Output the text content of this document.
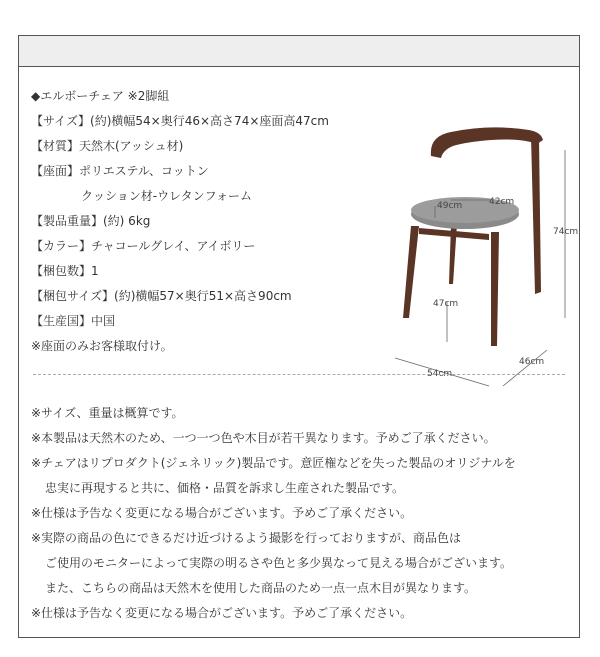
◆エルボーチェア ※2脚組
【サイズ】(約)横幅54×奥行46×高さ74×座面高47cm
【材質】天然木(アッシュ材)
【座面】ポリエステル、コットン
クッション材-ウレタンフォーム
【製品重量】(約) 6kg
【カラー】チャコールグレイ、アイボリー
【梱包数】1
【梱包サイズ】(約)横幅57×奥行51×高さ90cm
【生産国】中国
※座面のみお客様取付け。
74cm
49cm	42cm
47cm
54cm
46cm
※サイズ、重量は概算です。
※本製品は天然木のため、一つ一つ色や木目が若干異なります。予めご了承ください。
※チェアはリプロダクト(ジェネリック)製品です。意匠権などを失った製品のオリジナルを
忠実に再現すると共に、価格・品質を訴求し生産された製品です。
※仕様は予告なく変更になる場合がございます。予めご了承ください。
※実際の商品の色にできるだけ近づけるよう撮影を行っておりますが、商品色は
ご使用のモニターによって実際の明るさや色と多少異なって見える場合がございます。
また、こちらの商品は天然木を使用した商品のため一点一点木目が異なります。
※仕様は予告なく変更になる場合がございます。予めご了承ください。
